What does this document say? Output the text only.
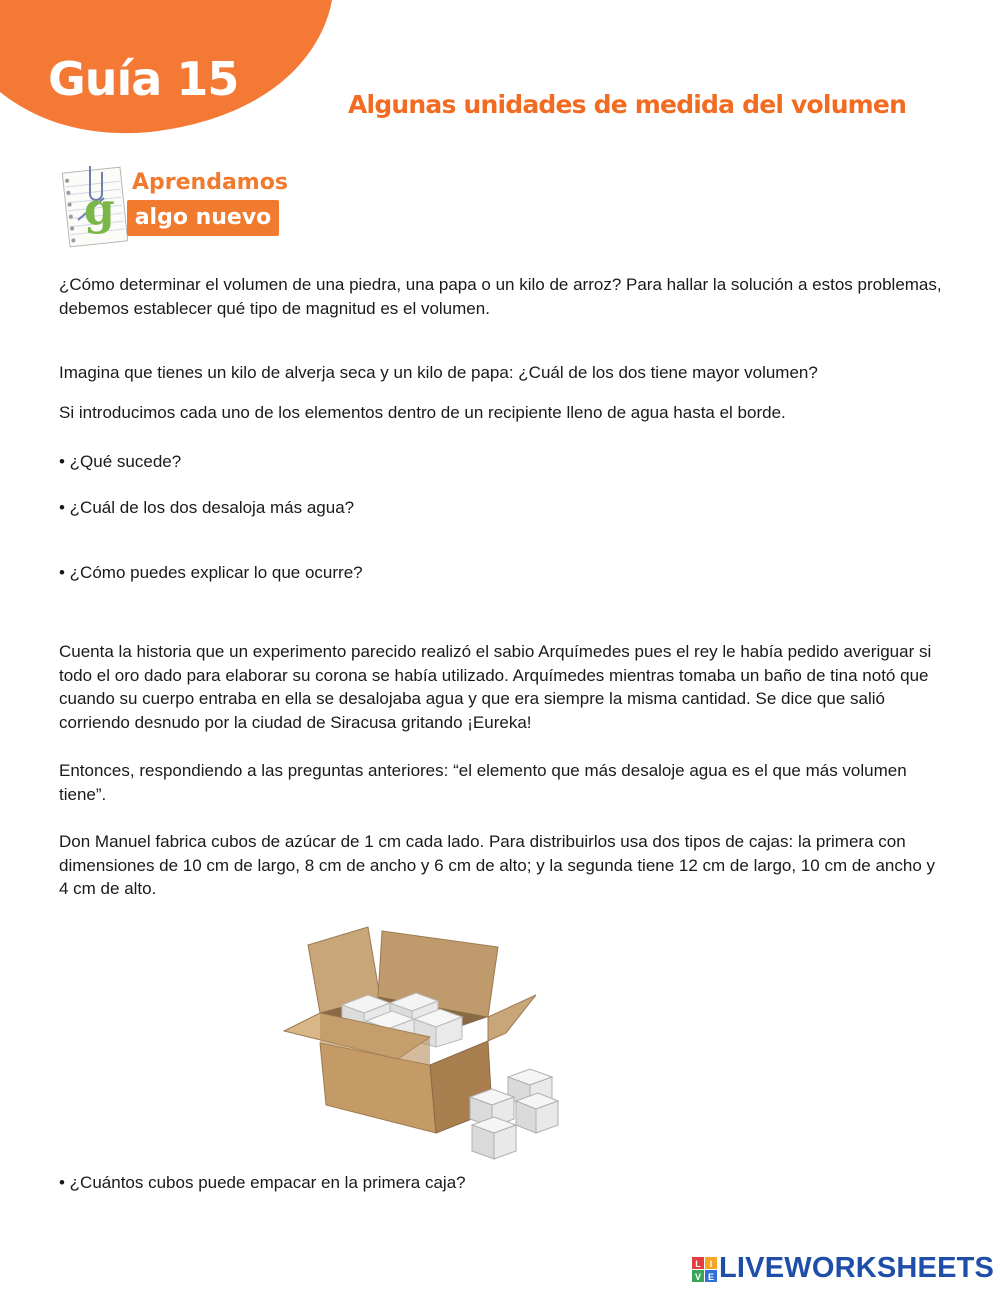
Guía 15	Algunas unidades de medida del volumen
g
Aprendamos
algo nuevo

¿Cómo determinar el volumen de una piedra, una papa o un kilo de arroz? Para hallar la solución a estos problemas, debemos establecer qué tipo de magnitud es el volumen.

Imagina que tienes un kilo de alverja seca y un kilo de papa: ¿Cuál de los dos tiene mayor volumen?

Si introducimos cada uno de los elementos dentro de un recipiente lleno de agua hasta el borde.

• ¿Qué sucede?

• ¿Cuál de los dos desaloja más agua?

• ¿Cómo puedes explicar lo que ocurre?

Cuenta la historia que un experimento parecido realizó el sabio Arquímedes pues el rey le había pedido averiguar si todo el oro dado para elaborar su corona se había utilizado. Arquímedes mientras tomaba un baño de tina notó que cuando su cuerpo entraba en ella se desalojaba agua y que era siempre la misma cantidad. Se dice que salió corriendo desnudo por la ciudad de Siracusa gritando ¡Eureka!

Entonces, respondiendo a las preguntas anteriores: “el elemento que más desaloje agua es el que más volumen tiene”.

Don Manuel fabrica cubos de azúcar de 1 cm cada lado. Para distribuirlos usa dos tipos de cajas: la primera con dimensiones de 10 cm de largo, 8 cm de ancho y 6 cm de alto; y la segunda tiene 12 cm de largo, 10 cm de ancho y 4 cm de alto.

• ¿Cuántos cubos puede empacar en la primera caja?

L I
V E LIVEWORKSHEETS
